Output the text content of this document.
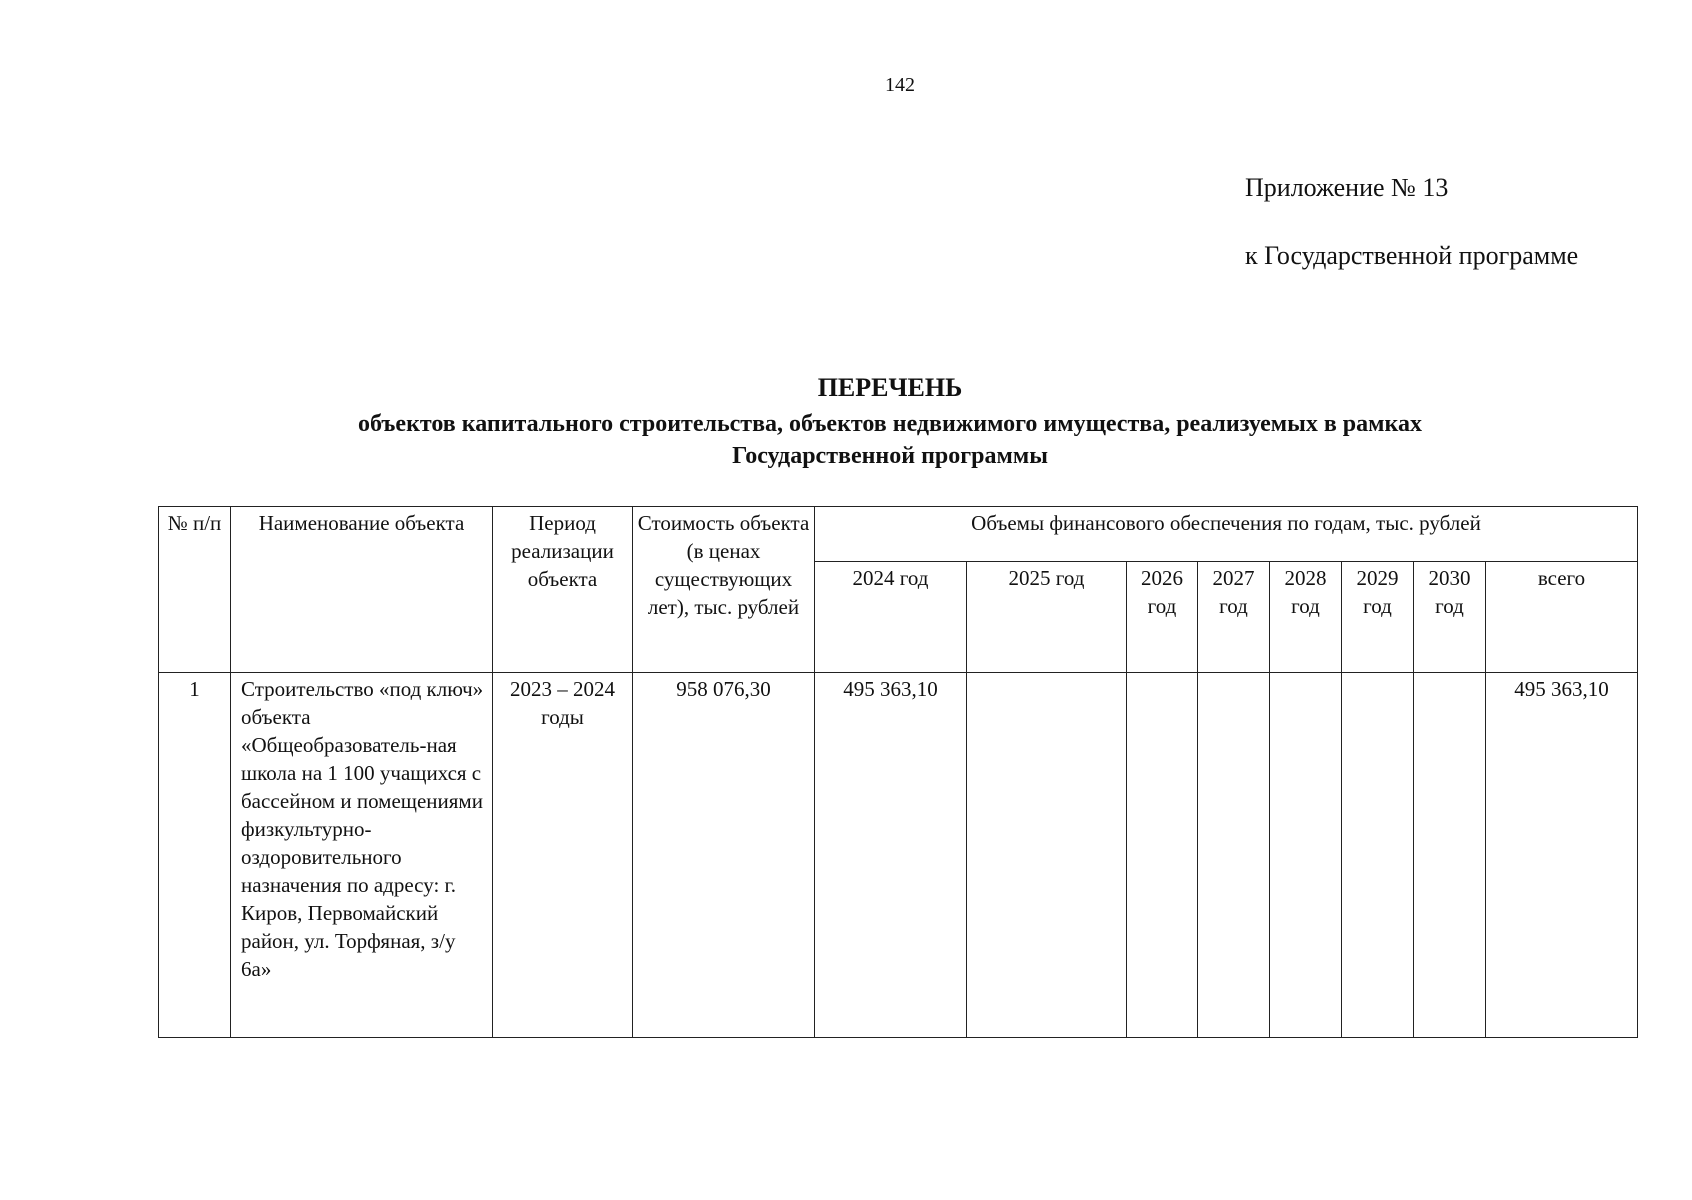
142
Приложение № 13
к Государственной программе
ПЕРЕЧЕНЬ
объектов капитального строительства, объектов недвижимого имущества, реализуемых в рамках
Государственной программы
№ п/п	Наименование объекта	Период реализации объекта	Стоимость объекта (в ценах существующих лет), тыс. рублей	Объемы финансового обеспечения по годам, тыс. рублей							
				2024 год	2025 год	2026 год	2027 год	2028 год	2029 год	2030 год	всего
1	Строительство «под ключ» объекта «Общеобразователь-ная школа на 1 100 учащихся с бассейном и помещениями физкультурно-оздоровительного назначения по адресу: г. Киров, Первомайский район, ул. Торфяная, з/у 6а»	2023 – 2024 годы	958 076,30	495 363,10							495 363,10
